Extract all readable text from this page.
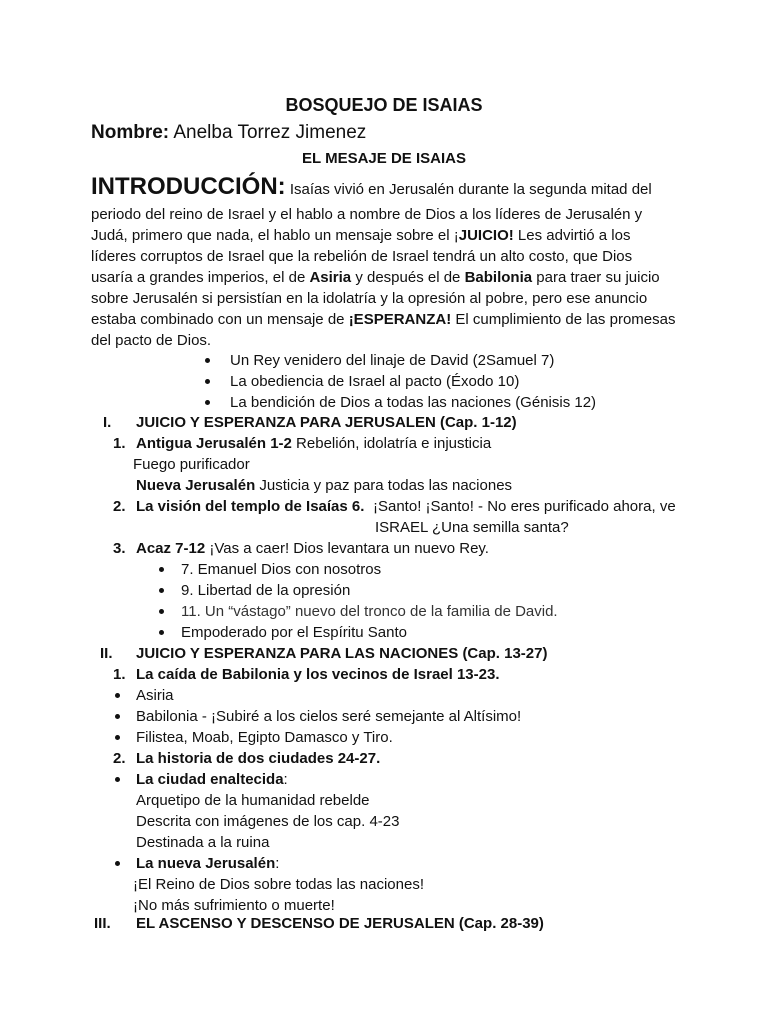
BOSQUEJO DE ISAIAS
Nombre: Anelba Torrez Jimenez
EL MESAJE DE ISAIAS
INTRODUCCIÓN: Isaías vivió en Jerusalén durante la segunda mitad del
periodo del reino de Israel y el hablo a nombre de Dios a los líderes de Jerusalén y
Judá, primero que nada, el hablo un mensaje sobre el ¡JUICIO! Les advirtió a los
líderes corruptos de Israel que la rebelión de Israel tendrá un alto costo, que Dios
usaría a grandes imperios, el de Asiria y después el de Babilonia para traer su juicio
sobre Jerusalén si persistían en la idolatría y la opresión al pobre, pero ese anuncio
estaba combinado con un mensaje de ¡ESPERANZA! El cumplimiento de las promesas
del pacto de Dios.
Un Rey venidero del linaje de David (2Samuel 7)
La obediencia de Israel al pacto (Éxodo 10)
La bendición de Dios a todas las naciones (Génisis 12)
I. JUICIO Y ESPERANZA PARA JERUSALEN (Cap. 1-12)
1. Antigua Jerusalén 1-2 Rebelión, idolatría e injusticia
Fuego purificador
Nueva Jerusalén Justicia y paz para todas las naciones
2. La visión del templo de Isaías 6. ¡Santo! ¡Santo! - No eres purificado ahora, ve
ISRAEL ¿Una semilla santa?
3. Acaz 7-12 ¡Vas a caer! Dios levantara un nuevo Rey.
7. Emanuel Dios con nosotros
9. Libertad de la opresión
11. Un “vástago” nuevo del tronco de la familia de David.
Empoderado por el Espíritu Santo
II. JUICIO Y ESPERANZA PARA LAS NACIONES (Cap. 13-27)
1. La caída de Babilonia y los vecinos de Israel 13-23.
Asiria
Babilonia - ¡Subiré a los cielos seré semejante al Altísimo!
Filistea, Moab, Egipto Damasco y Tiro.
2. La historia de dos ciudades 24-27.
La ciudad enaltecida:
Arquetipo de la humanidad rebelde
Descrita con imágenes de los cap. 4-23
Destinada a la ruina
La nueva Jerusalén:
¡El Reino de Dios sobre todas las naciones!
¡No más sufrimiento o muerte!
III. EL ASCENSO Y DESCENSO DE JERUSALEN (Cap. 28-39)
